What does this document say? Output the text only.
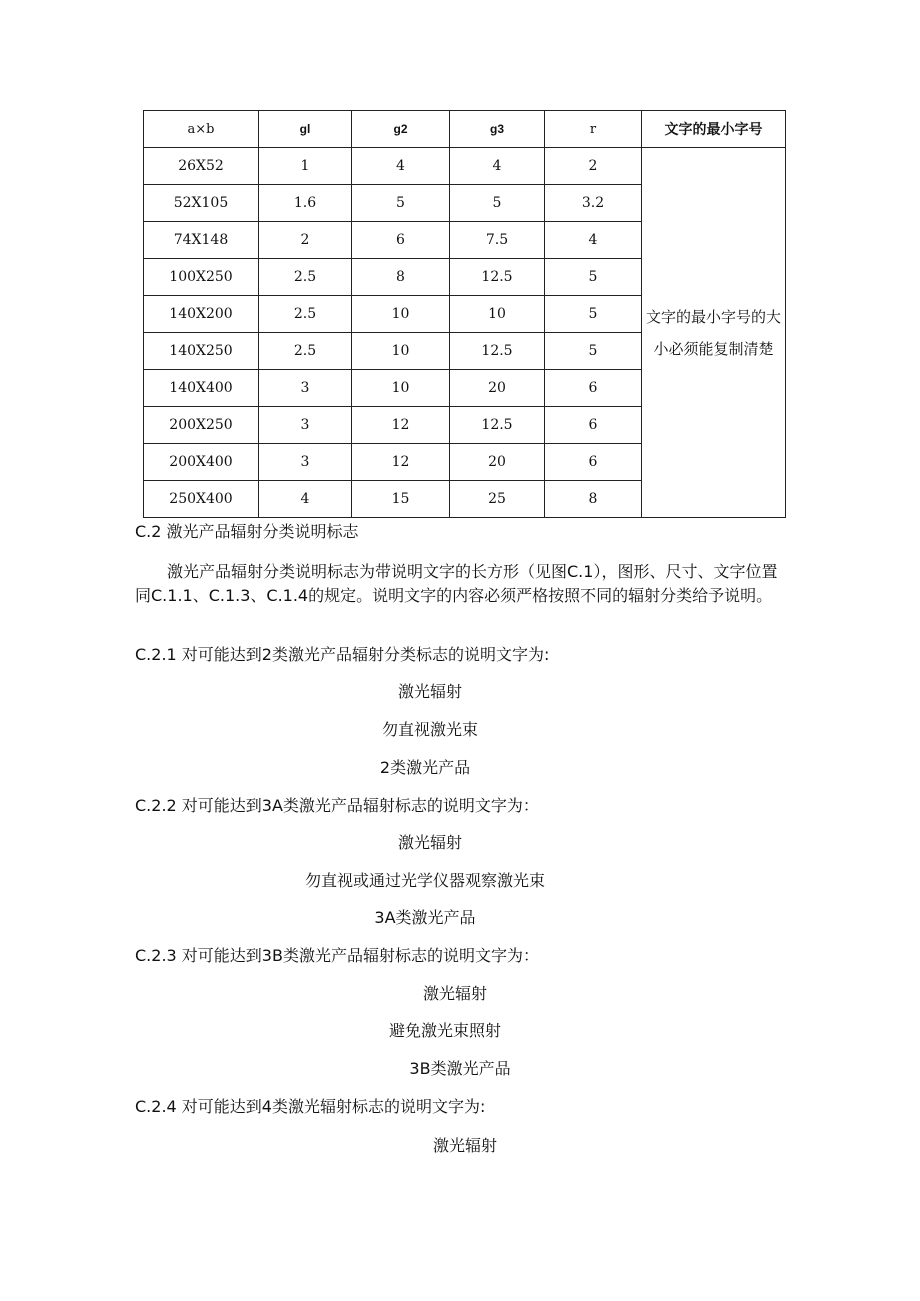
a×b	gl	g2	g3	r	文字的最小字号
26X52	1	4	4	2	文字的最小字号的大小必须能复制清楚
52X105	1.6	5	5	3.2	
74X148	2	6	7.5	4	
100X250	2.5	8	12.5	5	
140X200	2.5	10	10	5	
140X250	2.5	10	12.5	5	
140X400	3	10	20	6	
200X250	3	12	12.5	6	
200X400	3	12	20	6	
250X400	4	15	25	8	
C.2 激光产品辐射分类说明标志
激光产品辐射分类说明标志为带说明文字的长方形（见图C.1），图形、尺寸、文字位置同C.1.1、C.1.3、C.1.4的规定。说明文字的内容必须严格按照不同的辐射分类给予说明。
C.2.1 对可能达到2类激光产品辐射分类标志的说明文字为:
激光辐射
勿直视激光束
2类激光产品
C.2.2 对可能达到3A类激光产品辐射标志的说明文字为：
激光辐射
勿直视或通过光学仪器观察激光束
3A类激光产品
C.2.3 对可能达到3B类激光产品辐射标志的说明文字为：
激光辐射
避免激光束照射
3B类激光产品
C.2.4 对可能达到4类激光辐射标志的说明文字为:
激光辐射
